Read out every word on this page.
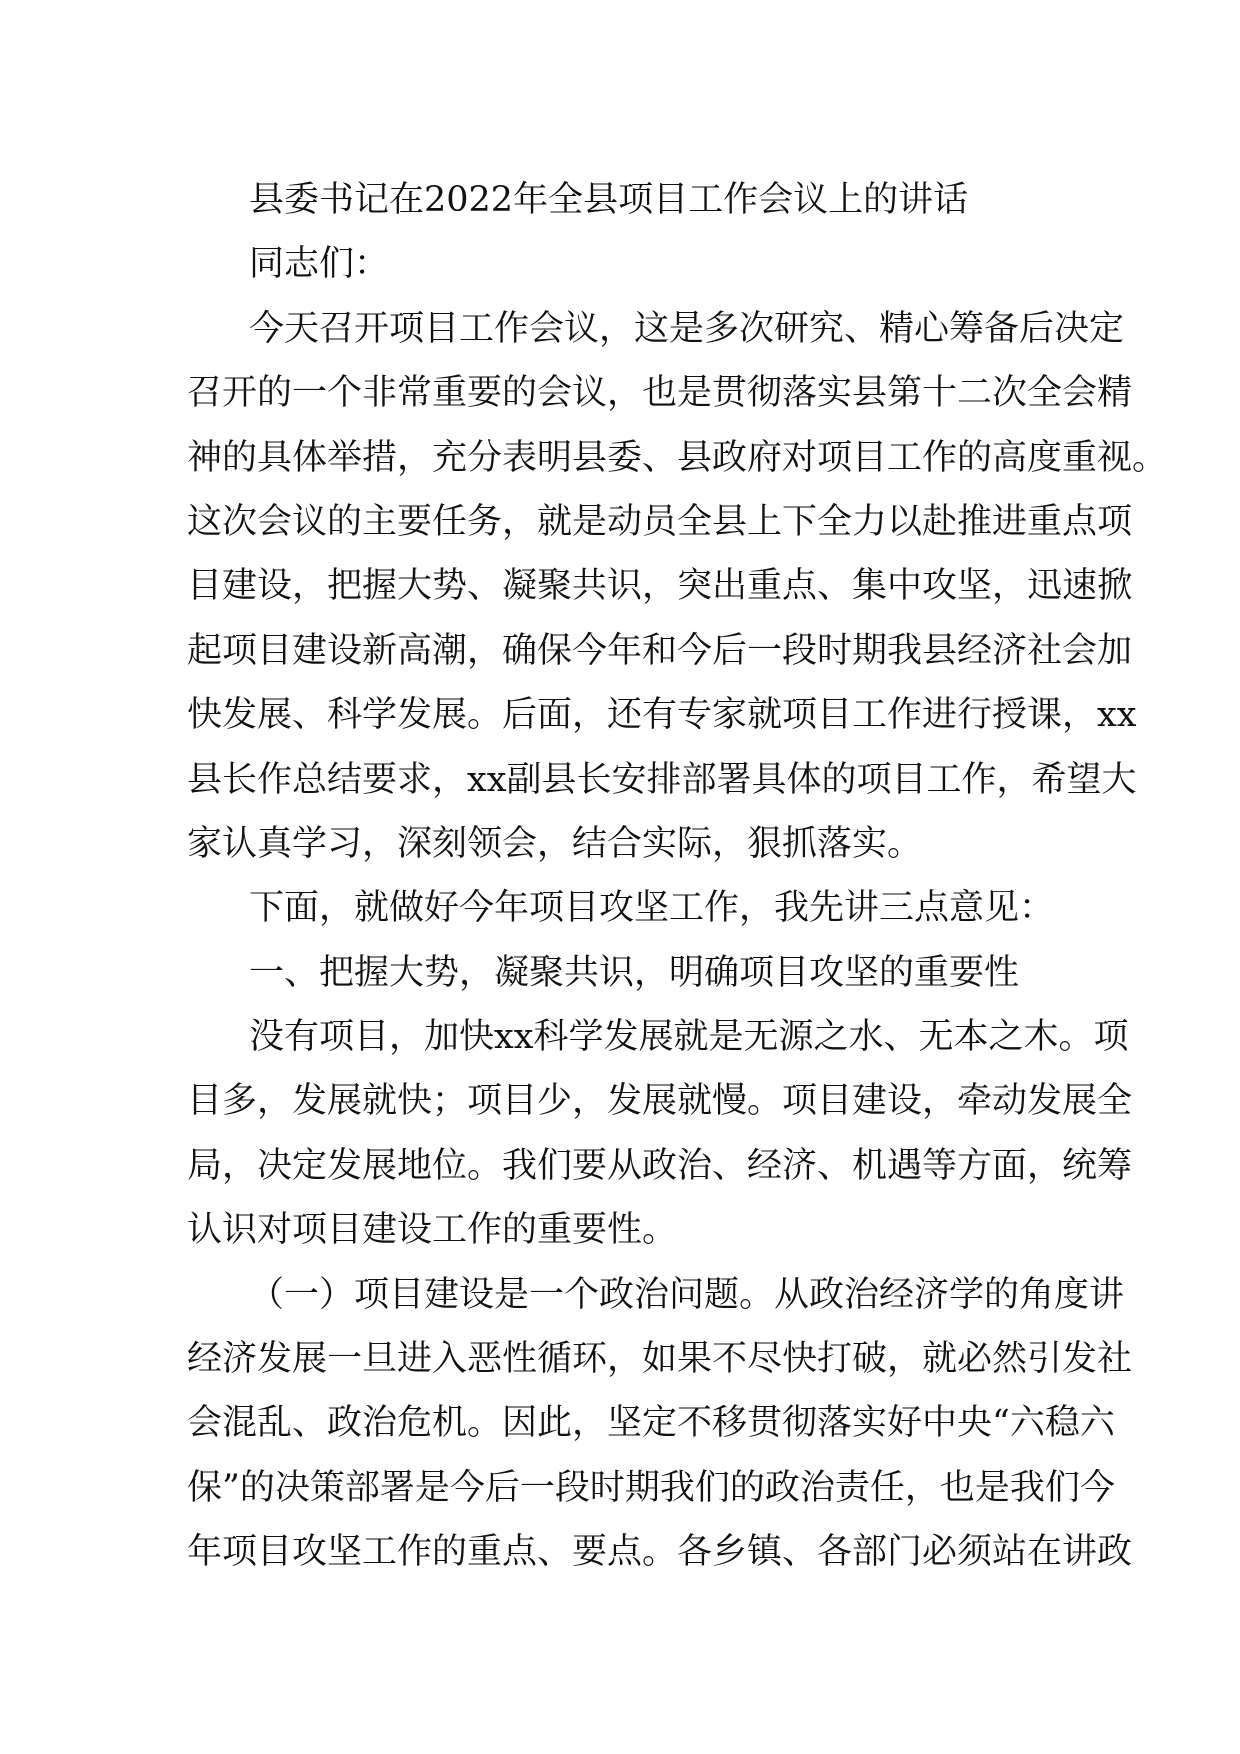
县委书记在2022年全县项目工作会议上的讲话
同志们：
今天召开项目工作会议，这是多次研究、精心筹备后决定
召开的一个非常重要的会议，也是贯彻落实县第十二次全会精
神的具体举措，充分表明县委、县政府对项目工作的高度重视。
这次会议的主要任务，就是动员全县上下全力以赴推进重点项
目建设，把握大势、凝聚共识，突出重点、集中攻坚，迅速掀
起项目建设新高潮，确保今年和今后一段时期我县经济社会加
快发展、科学发展。后面，还有专家就项目工作进行授课，xx
县长作总结要求，xx副县长安排部署具体的项目工作，希望大
家认真学习，深刻领会，结合实际，狠抓落实。
下面，就做好今年项目攻坚工作，我先讲三点意见：
一、把握大势，凝聚共识，明确项目攻坚的重要性
没有项目，加快xx科学发展就是无源之水、无本之木。项
目多，发展就快；项目少，发展就慢。项目建设，牵动发展全
局，决定发展地位。我们要从政治、经济、机遇等方面，统筹
认识对项目建设工作的重要性。
（一）项目建设是一个政治问题。从政治经济学的角度讲
经济发展一旦进入恶性循环，如果不尽快打破，就必然引发社
会混乱、政治危机。因此，坚定不移贯彻落实好中央“六稳六
保”的决策部署是今后一段时期我们的政治责任，也是我们今
年项目攻坚工作的重点、要点。各乡镇、各部门必须站在讲政
